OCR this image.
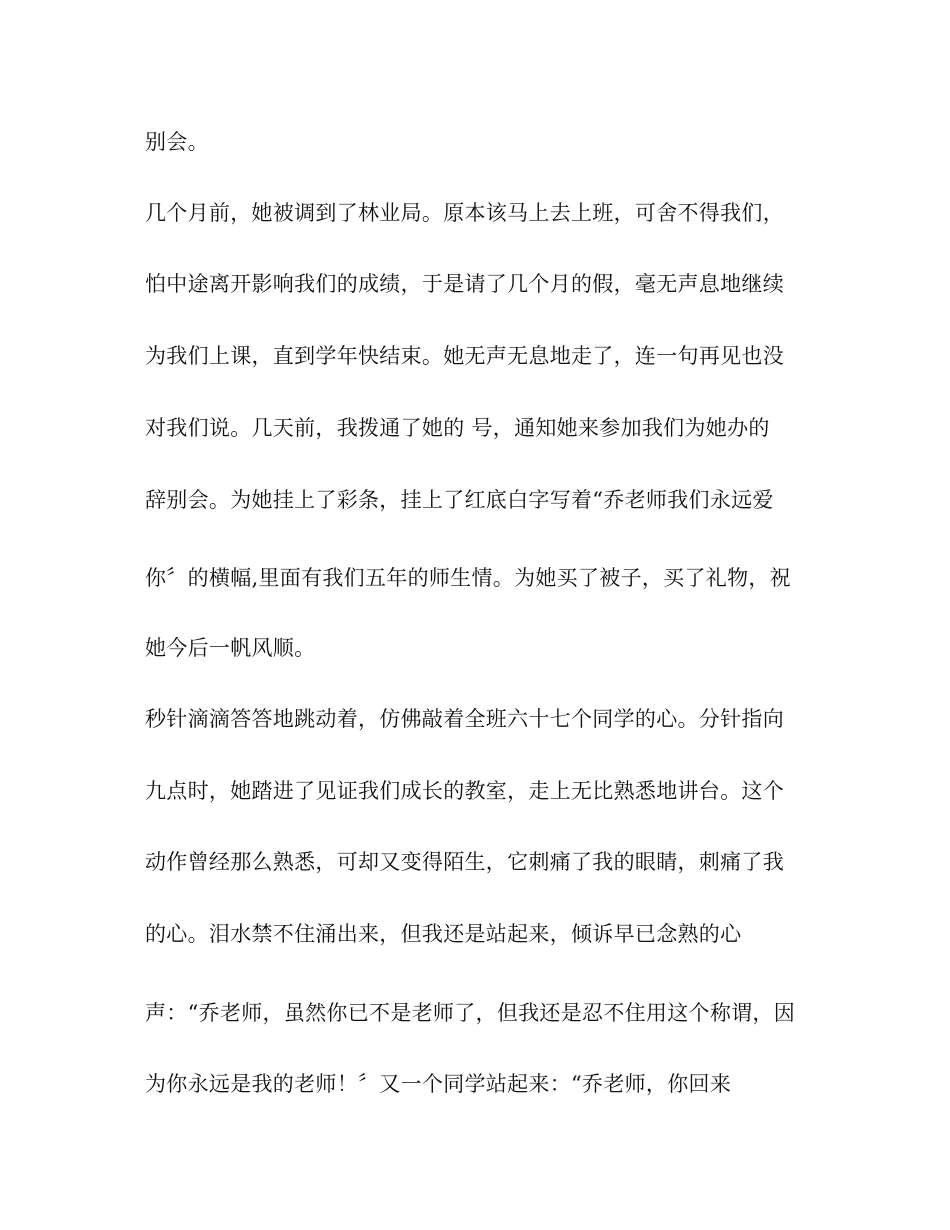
别会。

几个月前，她被调到了林业局。原本该马上去上班，可舍不得我们，

怕中途离开影响我们的成绩，于是请了几个月的假，毫无声息地继续

为我们上课，直到学年快结束。她无声无息地走了，连一句再见也没

对我们说。几天前，我拨通了她的 号，通知她来参加我们为她办的

辞别会。为她挂上了彩条，挂上了红底白字写着“乔老师我们永远爱

你〞的横幅,里面有我们五年的师生情。为她买了被子，买了礼物，祝

她今后一帆风顺。

秒针滴滴答答地跳动着，仿佛敲着全班六十七个同学的心。分针指向

九点时，她踏进了见证我们成长的教室，走上无比熟悉地讲台。这个

动作曾经那么熟悉，可却又变得陌生，它刺痛了我的眼睛，刺痛了我

的心。泪水禁不住涌出来，但我还是站起来，倾诉早已念熟的心

声：“乔老师，虽然你已不是老师了，但我还是忍不住用这个称谓，因

为你永远是我的老师！〞又一个同学站起来：“乔老师，你回来
